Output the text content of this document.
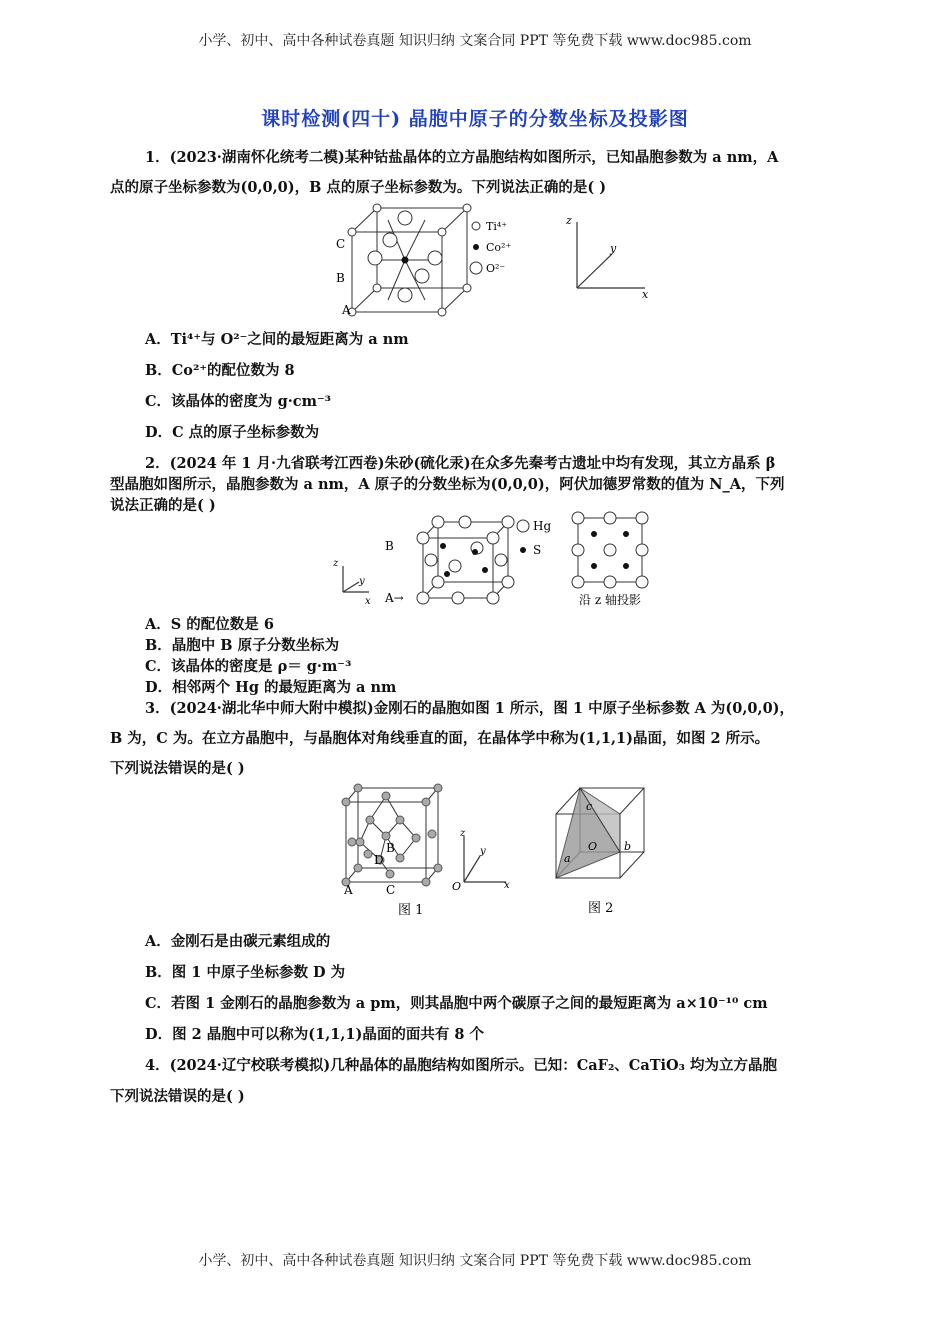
小学、初中、高中各种试卷真题 知识归纳 文案合同 PPT 等免费下载 www.doc985.com
课时检测(四十) 晶胞中原子的分数坐标及投影图
1．(2023·湖南怀化统考二模)某种钴盐晶体的立方晶胞结构如图所示，已知晶胞参数为 a nm，A
点的原子坐标参数为(0,0,0)，B 点的原子坐标参数为。下列说法正确的是( )
C
B
A
Ti⁴⁺
Co²⁺
O²⁻
z
y
x
A．Ti⁴⁺与 O²⁻之间的最短距离为 a nm
B．Co²⁺的配位数为 8
C．该晶体的密度为 g·cm⁻³
D．C 点的原子坐标参数为
2．(2024 年 1 月·九省联考江西卷)朱砂(硫化汞)在众多先秦考古遗址中均有发现，其立方晶系 β
型晶胞如图所示，晶胞参数为 a nm，A 原子的分数坐标为(0,0,0)，阿伏加德罗常数的值为 N_A，下列
说法正确的是( )
z
y
x
B
A→
Hg
S
沿 z 轴投影
A．S 的配位数是 6
B．晶胞中 B 原子分数坐标为
C．该晶体的密度是 ρ＝ g·m⁻³
D．相邻两个 Hg 的最短距离为 a nm
3．(2024·湖北华中师大附中模拟)金刚石的晶胞如图 1 所示，图 1 中原子坐标参数 A 为(0,0,0)，
B 为，C 为。在立方晶胞中，与晶胞体对角线垂直的面，在晶体学中称为(1,1,1)晶面，如图 2 所示。
下列说法错误的是( )
B
D
A	C
图 1
O
z
y
x
c
O b
a
图 2
A．金刚石是由碳元素组成的
B．图 1 中原子坐标参数 D 为
C．若图 1 金刚石的晶胞参数为 a pm，则其晶胞中两个碳原子之间的最短距离为 a×10⁻¹⁰ cm
D．图 2 晶胞中可以称为(1,1,1)晶面的面共有 8 个
4．(2024·辽宁校联考模拟)几种晶体的晶胞结构如图所示。已知：CaF₂、CaTiO₃ 均为立方晶胞
下列说法错误的是( )
小学、初中、高中各种试卷真题 知识归纳 文案合同 PPT 等免费下载 www.doc985.com
